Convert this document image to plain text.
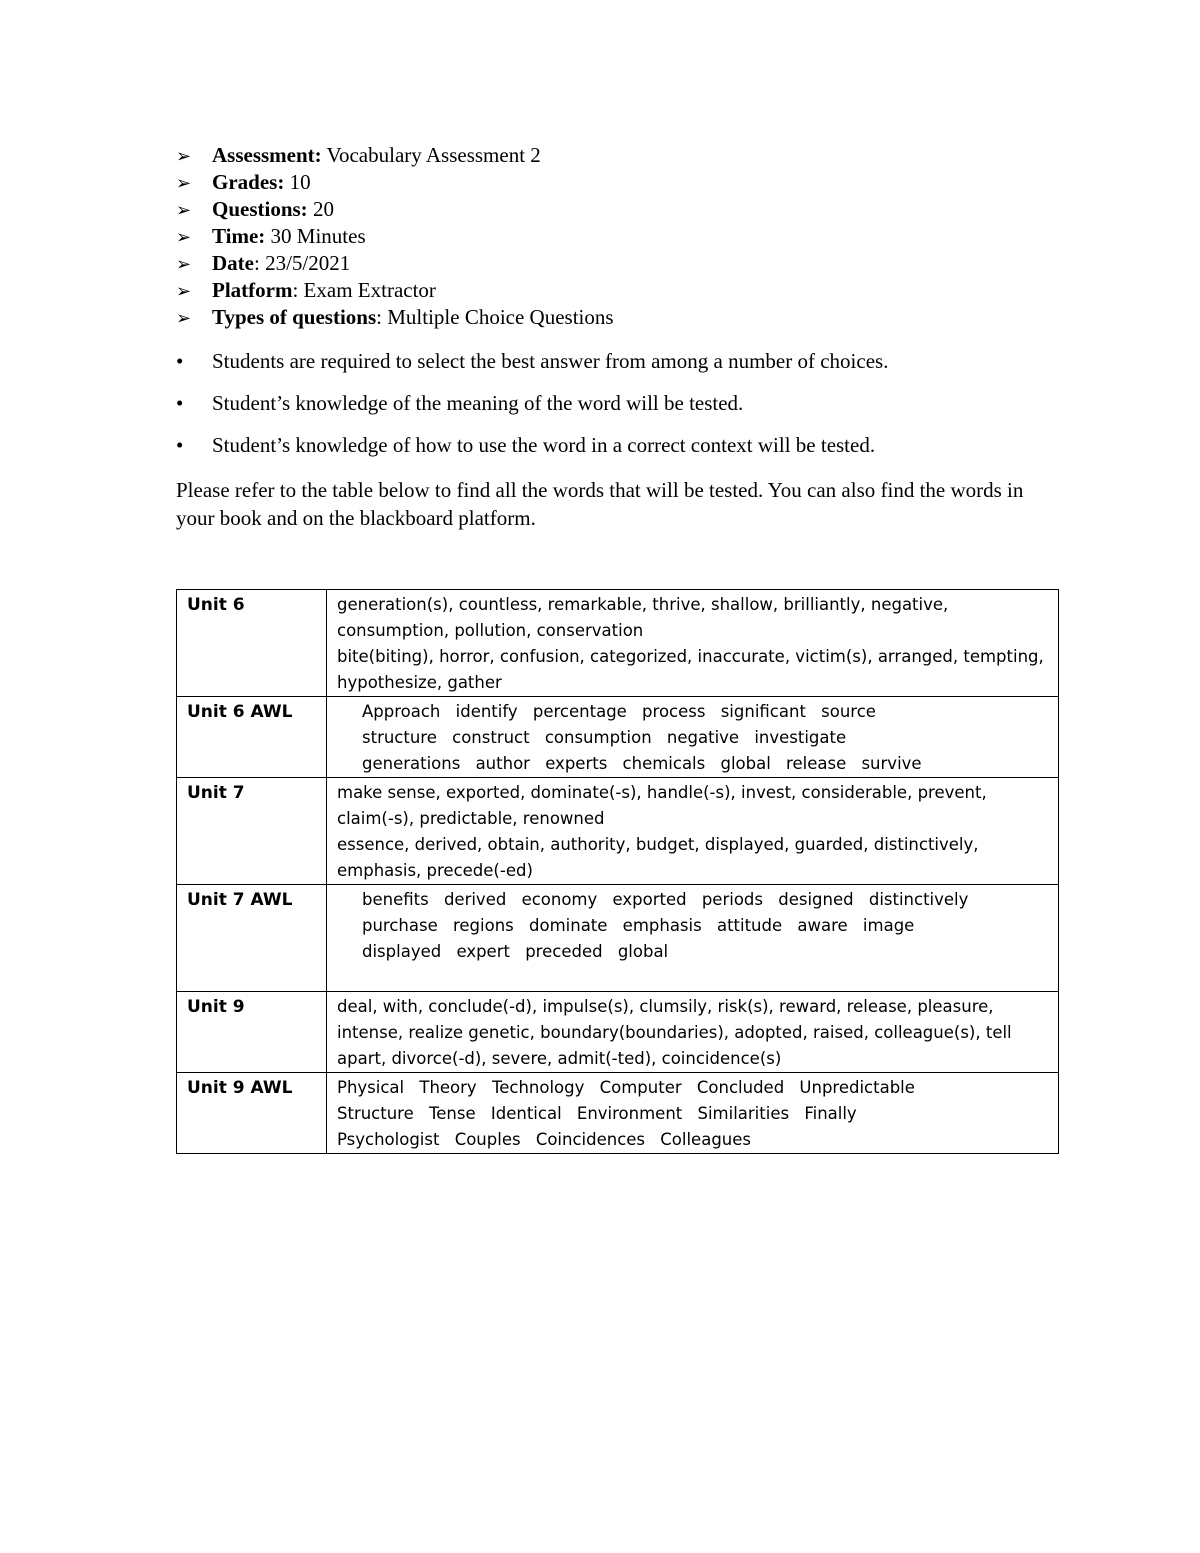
➢ Assessment: Vocabulary Assessment 2
➢ Grades: 10
➢ Questions: 20
➢ Time: 30 Minutes
➢ Date: 23/5/2021
➢ Platform: Exam Extractor
➢ Types of questions: Multiple Choice Questions
• Students are required to select the best answer from among a number of choices.
• Student’s knowledge of the meaning of the word will be tested.
• Student’s knowledge of how to use the word in a correct context will be tested.

Please refer to the table below to find all the words that will be tested. You can also find the words in your book and on the blackboard platform.

Unit 6	generation(s), countless, remarkable, thrive, shallow, brilliantly, negative, consumption, pollution, conservation
bite(biting), horror, confusion, categorized, inaccurate, victim(s), arranged, tempting, hypothesize, gather

Unit 6 AWL	Approach identify percentage process significant source
structure construct consumption negative investigate
generations author experts chemicals global release survive

Unit 7	make sense, exported, dominate(-s), handle(-s), invest, considerable, prevent, claim(-s), predictable, renowned
essence, derived, obtain, authority, budget, displayed, guarded, distinctively, emphasis, precede(-ed)

Unit 7 AWL	benefits derived economy exported periods designed distinctively
purchase regions dominate emphasis attitude aware image
displayed expert preceded global

Unit 9	deal, with, conclude(-d), impulse(s), clumsily, risk(s), reward, release, pleasure, intense, realize genetic, boundary(boundaries), adopted, raised, colleague(s), tell apart, divorce(-d), severe, admit(-ted), coincidence(s)

Unit 9 AWL	Physical Theory Technology Computer Concluded Unpredictable
Structure Tense Identical Environment Similarities Finally
Psychologist Couples Coincidences Colleagues
